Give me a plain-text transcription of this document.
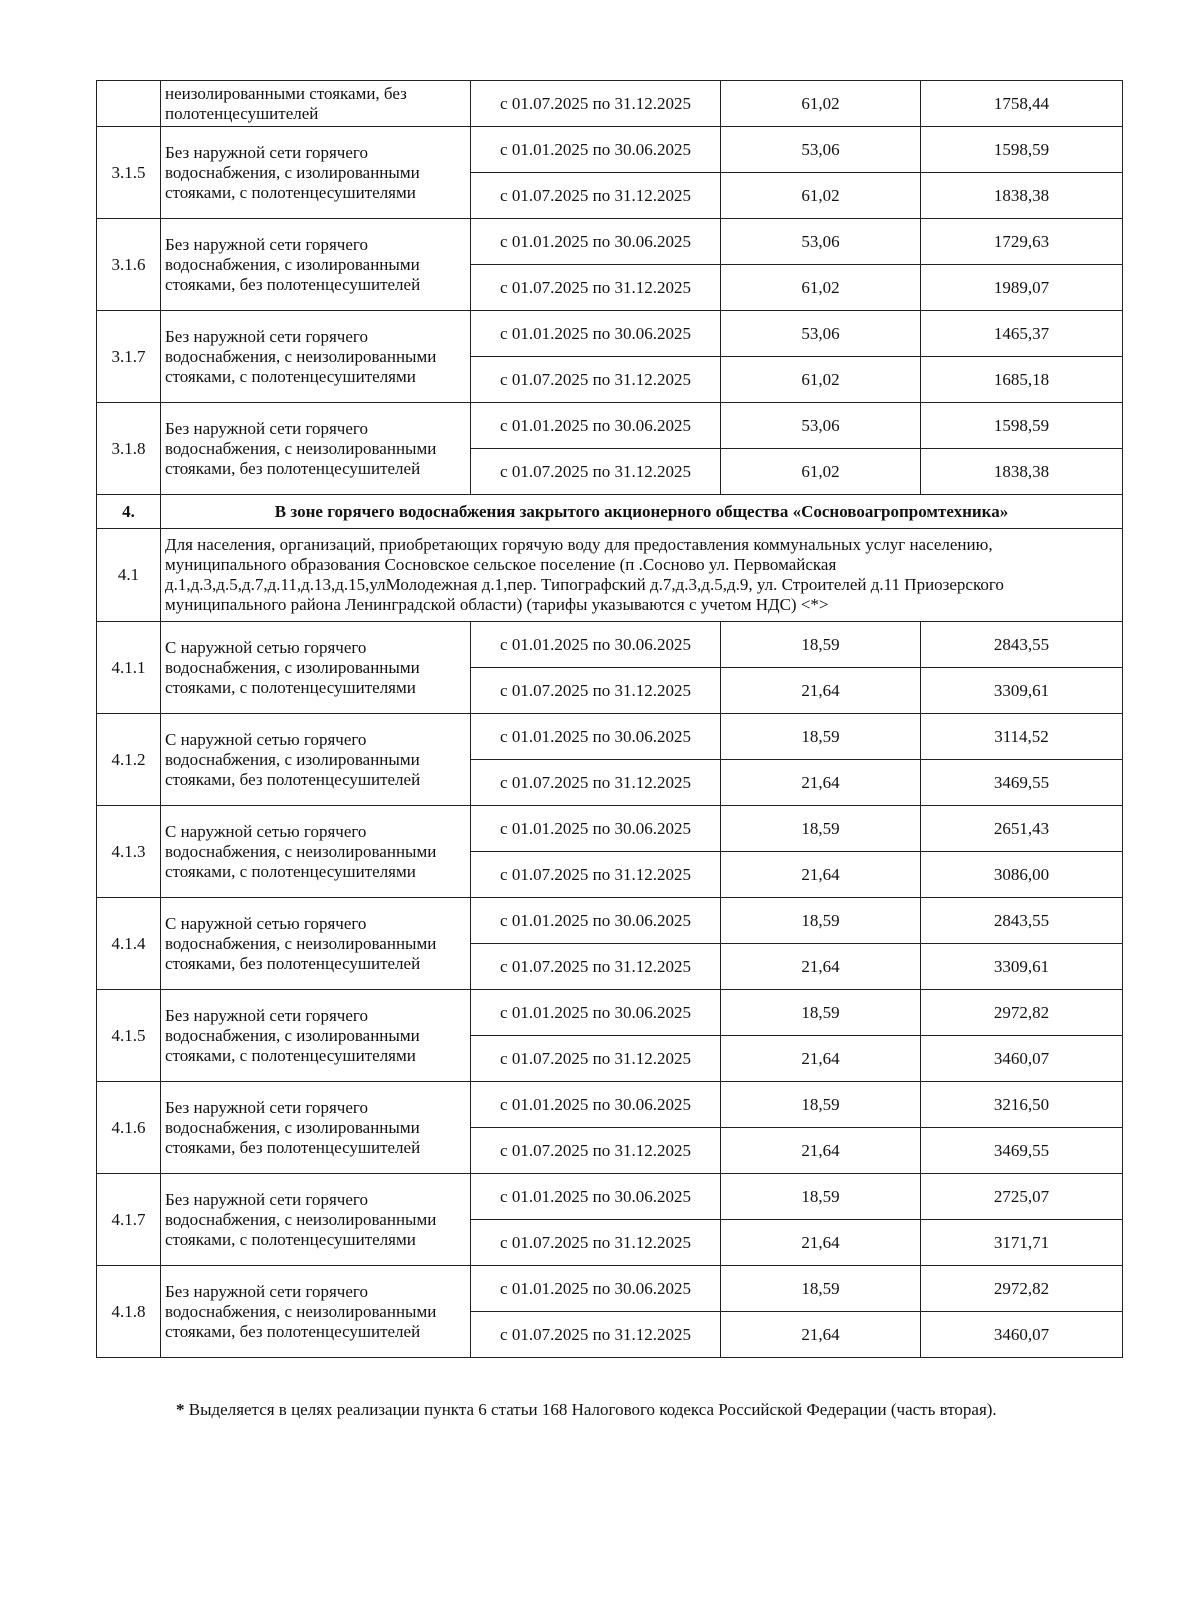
	неизолированными стояками, без полотенцесушителей	с 01.07.2025 по 31.12.2025	61,02	1758,44
3.1.5	Без наружной сети горячего водоснабжения, с изолированными стояками, с полотенцесушителями	с 01.01.2025 по 30.06.2025	53,06	1598,59
		с 01.07.2025 по 31.12.2025	61,02	1838,38
3.1.6	Без наружной сети горячего водоснабжения, с изолированными стояками, без полотенцесушителей	с 01.01.2025 по 30.06.2025	53,06	1729,63
		с 01.07.2025 по 31.12.2025	61,02	1989,07
3.1.7	Без наружной сети горячего водоснабжения, с неизолированными стояками, с полотенцесушителями	с 01.01.2025 по 30.06.2025	53,06	1465,37
		с 01.07.2025 по 31.12.2025	61,02	1685,18
3.1.8	Без наружной сети горячего водоснабжения, с неизолированными стояками, без полотенцесушителей	с 01.01.2025 по 30.06.2025	53,06	1598,59
		с 01.07.2025 по 31.12.2025	61,02	1838,38
4.	В зоне горячего водоснабжения закрытого акционерного общества «Сосновоагропромтехника»			
4.1	Для населения, организаций, приобретающих горячую воду для предоставления коммунальных услуг населению, муниципального образования Сосновское сельское поселение (п .Сосново ул. Первомайская д.1,д.3,д.5,д.7,д.11,д.13,д.15,улМолодежная д.1,пер. Типографский д.7,д.3,д.5,д.9, ул. Строителей д.11 Приозерского муниципального района Ленинградской области) (тарифы указываются с учетом НДС) <*>			
4.1.1	С наружной сетью горячего водоснабжения, с изолированными стояками, с полотенцесушителями	с 01.01.2025 по 30.06.2025	18,59	2843,55
		с 01.07.2025 по 31.12.2025	21,64	3309,61
4.1.2	С наружной сетью горячего водоснабжения, с изолированными стояками, без полотенцесушителей	с 01.01.2025 по 30.06.2025	18,59	3114,52
		с 01.07.2025 по 31.12.2025	21,64	3469,55
4.1.3	С наружной сетью горячего водоснабжения, с неизолированными стояками, с полотенцесушителями	с 01.01.2025 по 30.06.2025	18,59	2651,43
		с 01.07.2025 по 31.12.2025	21,64	3086,00
4.1.4	С наружной сетью горячего водоснабжения, с неизолированными стояками, без полотенцесушителей	с 01.01.2025 по 30.06.2025	18,59	2843,55
		с 01.07.2025 по 31.12.2025	21,64	3309,61
4.1.5	Без наружной сети горячего водоснабжения, с изолированными стояками, с полотенцесушителями	с 01.01.2025 по 30.06.2025	18,59	2972,82
		с 01.07.2025 по 31.12.2025	21,64	3460,07
4.1.6	Без наружной сети горячего водоснабжения, с изолированными стояками, без полотенцесушителей	с 01.01.2025 по 30.06.2025	18,59	3216,50
		с 01.07.2025 по 31.12.2025	21,64	3469,55
4.1.7	Без наружной сети горячего водоснабжения, с неизолированными стояками, с полотенцесушителями	с 01.01.2025 по 30.06.2025	18,59	2725,07
		с 01.07.2025 по 31.12.2025	21,64	3171,71
4.1.8	Без наружной сети горячего водоснабжения, с неизолированными стояками, без полотенцесушителей	с 01.01.2025 по 30.06.2025	18,59	2972,82
		с 01.07.2025 по 31.12.2025	21,64	3460,07
* Выделяется в целях реализации пункта 6 статьи 168 Налогового кодекса Российской Федерации (часть вторая).
